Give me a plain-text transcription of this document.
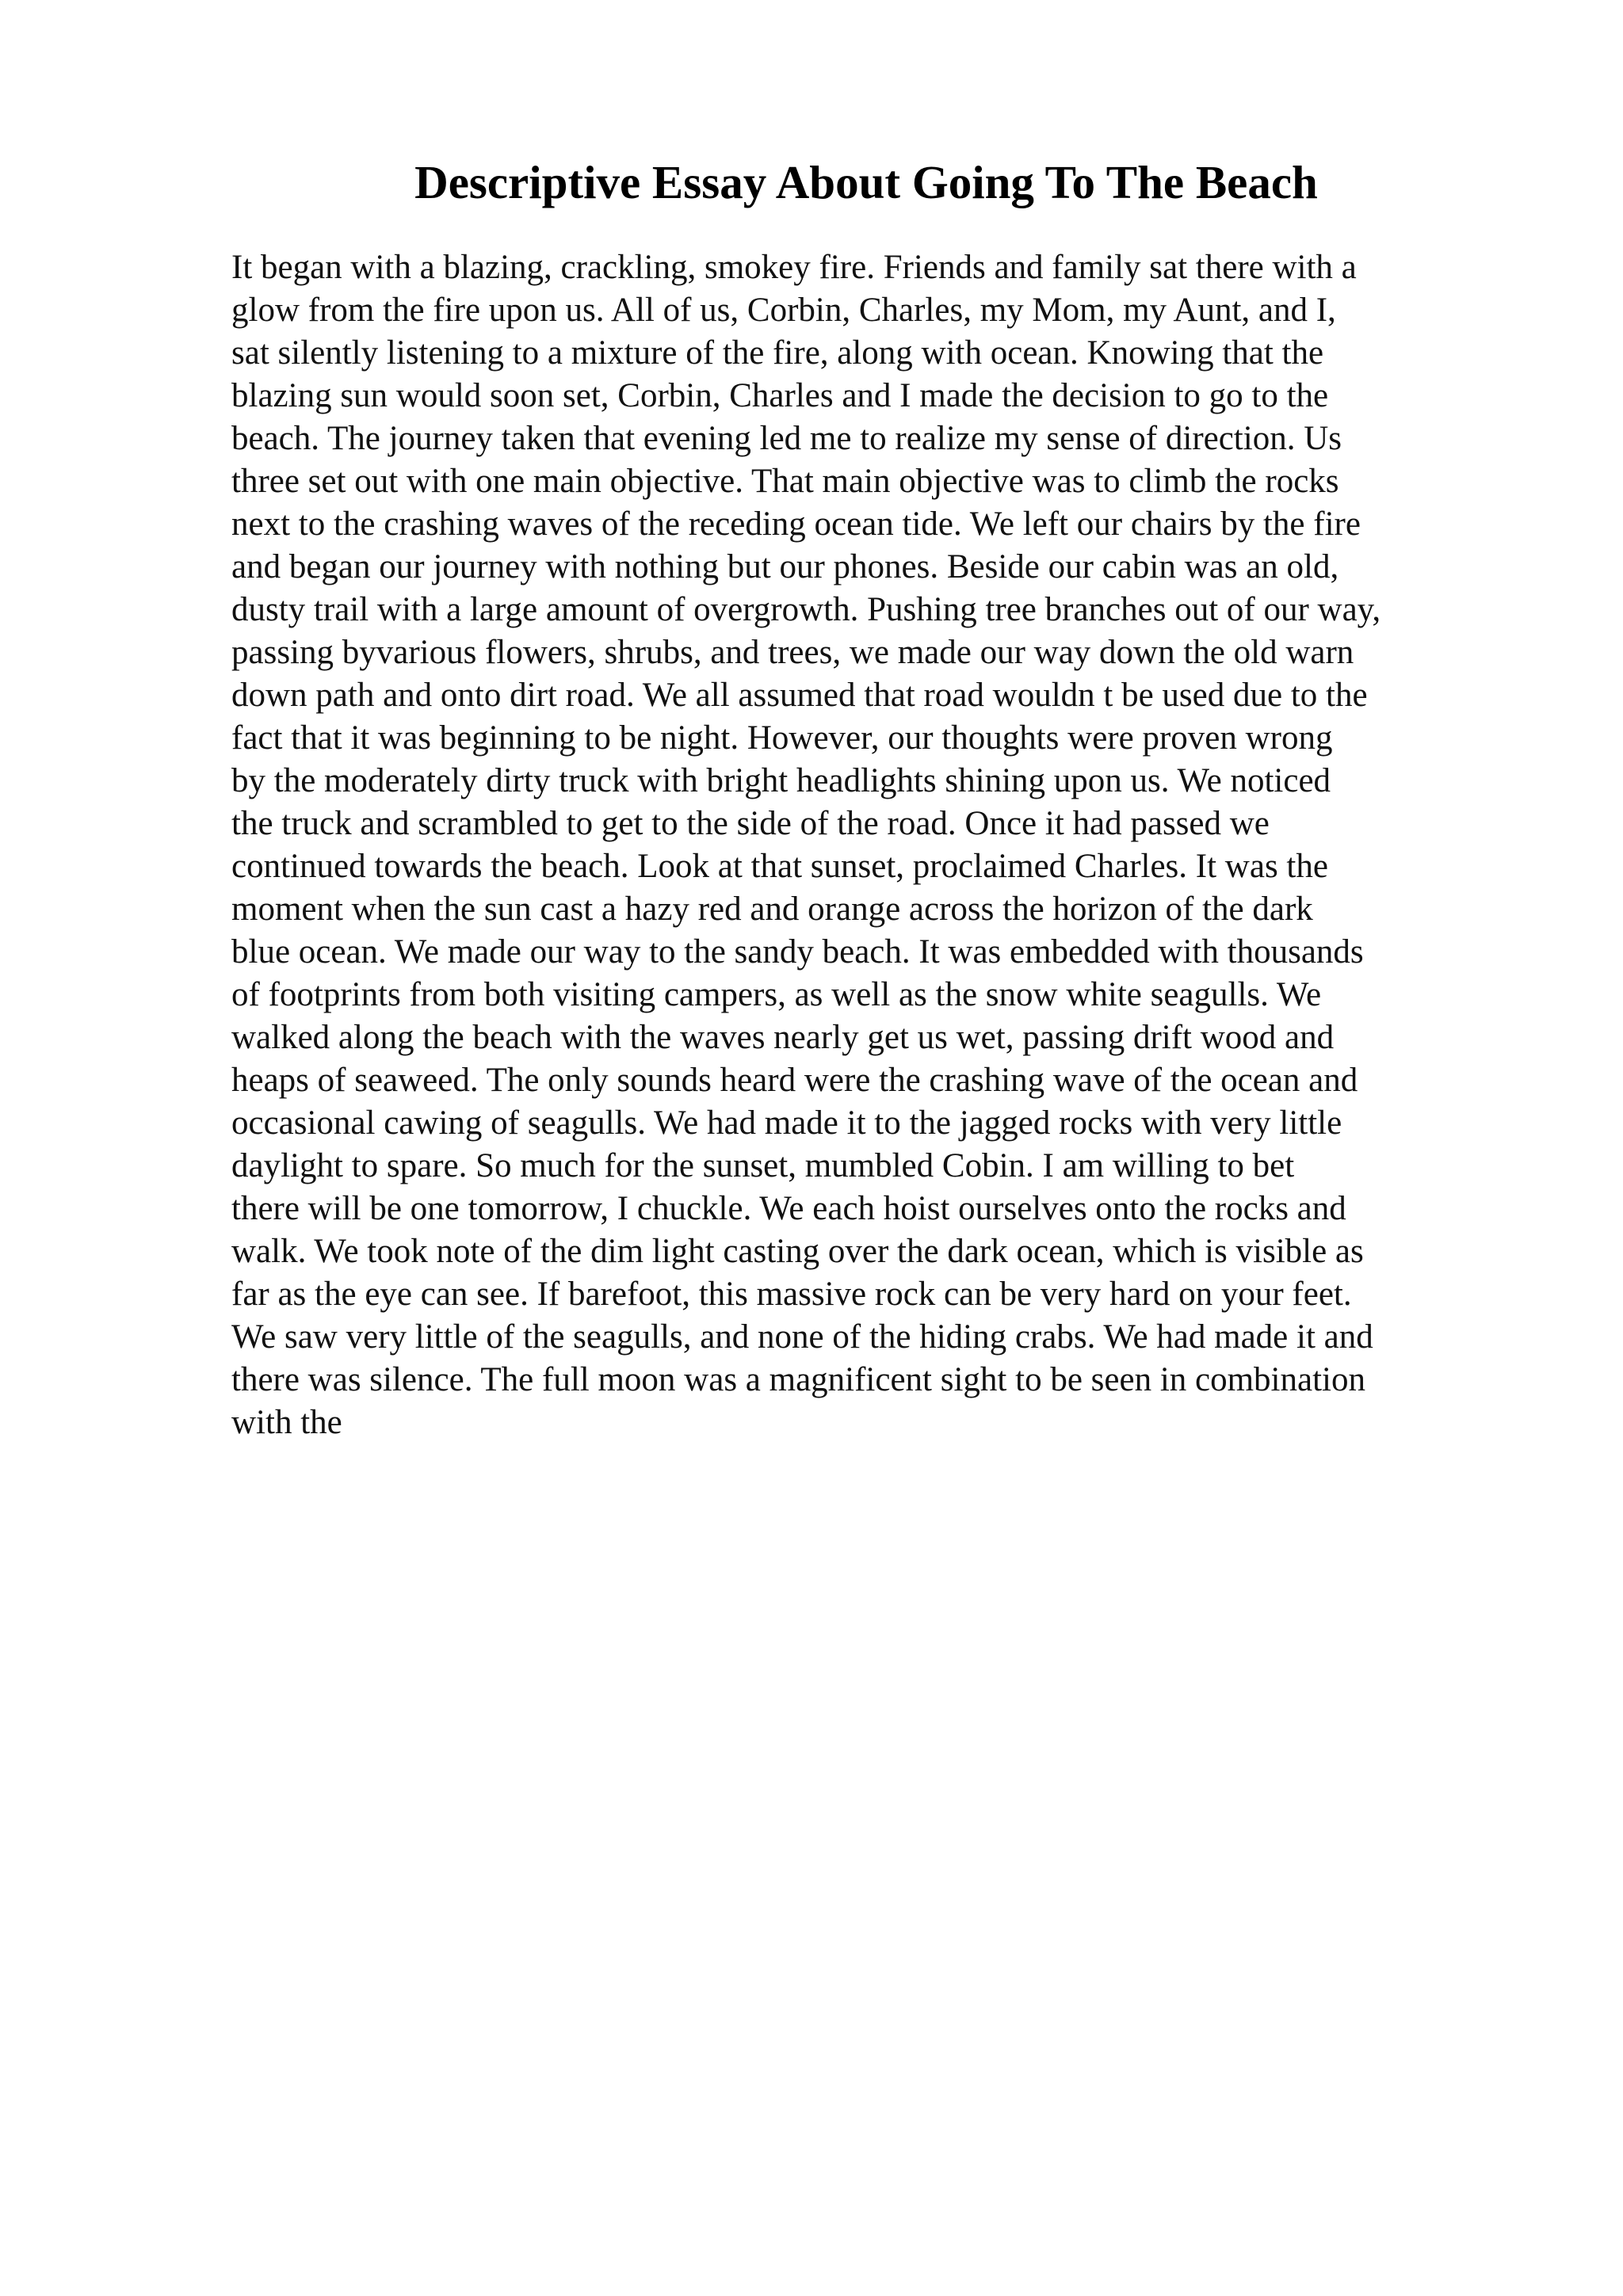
Descriptive Essay About Going To The Beach
It began with a blazing, crackling, smokey fire. Friends and family sat there with a
glow from the fire upon us. All of us, Corbin, Charles, my Mom, my Aunt, and I,
sat silently listening to a mixture of the fire, along with ocean. Knowing that the
blazing sun would soon set, Corbin, Charles and I made the decision to go to the
beach. The journey taken that evening led me to realize my sense of direction. Us
three set out with one main objective. That main objective was to climb the rocks
next to the crashing waves of the receding ocean tide. We left our chairs by the fire
and began our journey with nothing but our phones. Beside our cabin was an old,
dusty trail with a large amount of overgrowth. Pushing tree branches out of our way,
passing byvarious flowers, shrubs, and trees, we made our way down the old warn
down path and onto dirt road. We all assumed that road wouldn t be used due to the
fact that it was beginning to be night. However, our thoughts were proven wrong
by the moderately dirty truck with bright headlights shining upon us. We noticed
the truck and scrambled to get to the side of the road. Once it had passed we
continued towards the beach. Look at that sunset, proclaimed Charles. It was the
moment when the sun cast a hazy red and orange across the horizon of the dark
blue ocean. We made our way to the sandy beach. It was embedded with thousands
of footprints from both visiting campers, as well as the snow white seagulls. We
walked along the beach with the waves nearly get us wet, passing drift wood and
heaps of seaweed. The only sounds heard were the crashing wave of the ocean and
occasional cawing of seagulls. We had made it to the jagged rocks with very little
daylight to spare. So much for the sunset, mumbled Cobin. I am willing to bet
there will be one tomorrow, I chuckle. We each hoist ourselves onto the rocks and
walk. We took note of the dim light casting over the dark ocean, which is visible as
far as the eye can see. If barefoot, this massive rock can be very hard on your feet.
We saw very little of the seagulls, and none of the hiding crabs. We had made it and
there was silence. The full moon was a magnificent sight to be seen in combination
with the
